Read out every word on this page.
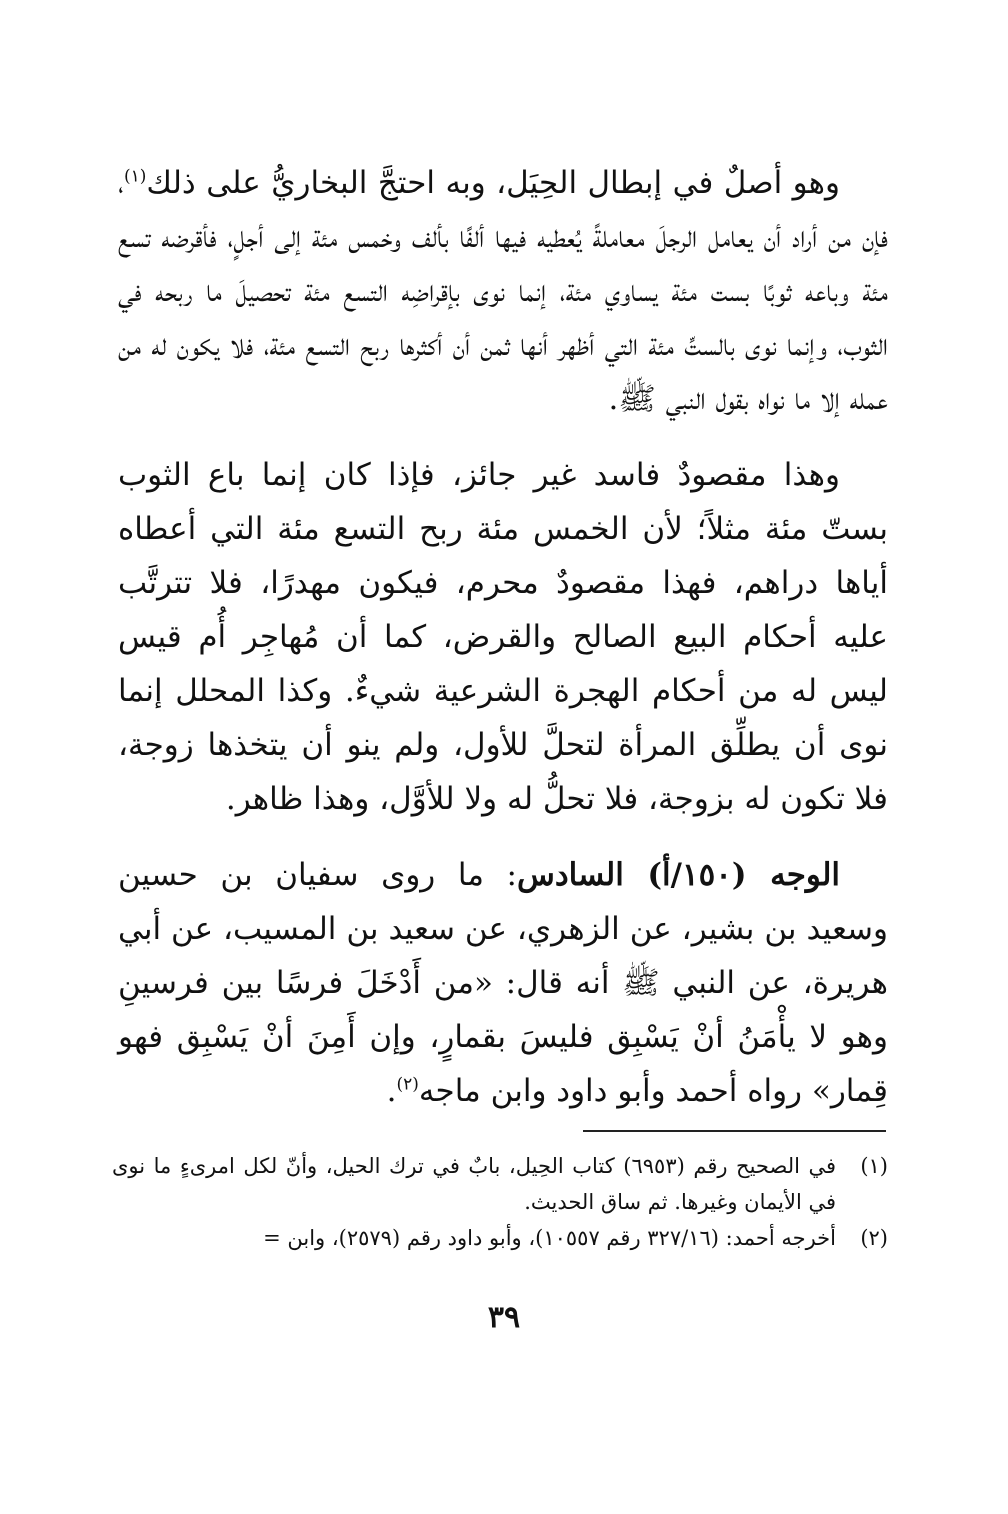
وهو أصلٌ في إبطال الحِيَل، وبه احتجَّ البخاريُّ على ذلك$^{(١)}$، فإن من أراد أن يعامل الرجلَ معاملةً يُعطيه فيها ألفًا بألف وخمس مئة إلى أجلٍ، فأقرضه تسع مئة وباعه ثوبًا بست مئة يساوي مئة، إنما نوى بإقراضِه التسع مئة تحصيلَ ما ربحه في الثوب، وإنما نوى بالستِّ مئة التي أظهر أنها ثمن أن أكثرها ربح التسع مئة، فلا يكون له من عمله إلا ما نواه بقول النبي ﷺ.

وهذا مقصودٌ فاسد غير جائز، فإذا كان إنما باع الثوب بستّ مئة مثلاً؛ لأن الخمس مئة ربح التسع مئة التي أعطاه أياها دراهم، فهذا مقصودٌ محرم، فيكون مهدرًا، فلا تترتَّب عليه أحكام البيع الصالح والقرض، كما أن مُهاجِر أُم قيس ليس له من أحكام الهجرة الشرعية شيءٌ. وكذا المحلل إنما نوى أن يطلِّق المرأة لتحلَّ للأول، ولم ينو أن يتخذها زوجة، فلا تكون له بزوجة، فلا تحلُّ له ولا للأوَّل، وهذا ظاهر.

الوجه (١٥٠/أ) السادس: ما روى سفيان بن حسين وسعيد بن بشير، عن الزهري، عن سعيد بن المسيب، عن أبي هريرة، عن النبي ﷺ أنه قال: «من أَدْخَلَ فرسًا بين فرسينِ وهو لا يأْمَنُ أنْ يَسْبِق فليسَ بقمارٍ، وإن أَمِنَ أنْ يَسْبِق فهو قِمار» رواه أحمد وأبو داود وابن ماجه$^{(٢)}$.

(١)
في الصحيح رقم (٦٩٥٣) كتاب الحِيل، بابٌ في ترك الحيل، وأنّ لكل امرىءٍ ما نوى في الأيمان وغيرها. ثم ساق الحديث.

(٢)
أخرجه أحمد: (٣٢٧/١٦ رقم ١٠٥٥٧)، وأبو داود رقم (٢٥٧٩)، وابن =

٣٩
